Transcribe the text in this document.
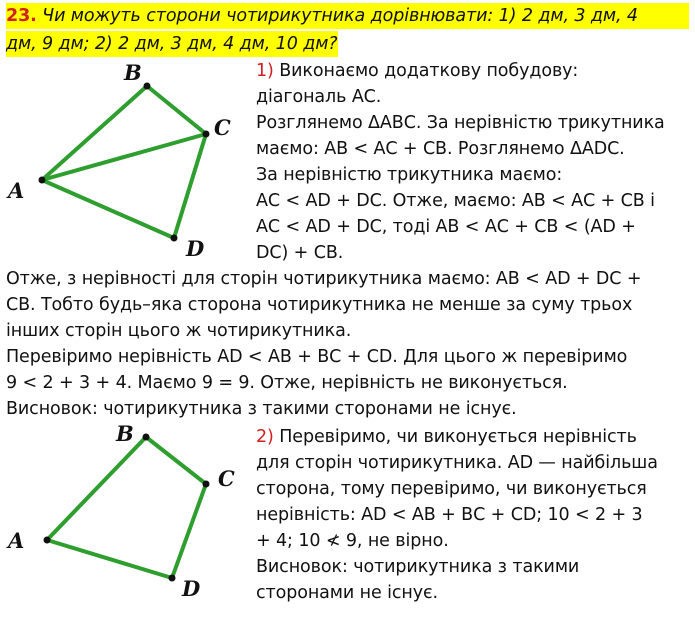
23. Чи можуть сторони чотирикутника дорівнювати: 1) 2 дм, 3 дм, 4
дм, 9 дм; 2) 2 дм, 3 дм, 4 дм, 10 дм?
A
B
C
D
1) Виконаємо додаткову побудову:
діагональ АС.
Розглянемо ΔАВС. За нерівністю трикутника
маємо: АВ < АС + СВ. Розглянемо ΔАDС.
За нерівністю трикутника маємо:
АС < АD + DС. Отже, маємо: АВ < АС + СВ і
АС < АD + DС, тоді АВ < АС + СВ < (АD +
DС) + СВ.
Отже, з нерівності для сторін чотирикутника маємо: АВ < АD + DС +
СВ. Тобто будь–яка сторона чотирикутника не менше за суму трьох
інших сторін цього ж чотирикутника.
Перевіримо нерівність АD < АВ + ВС + СD. Для цього ж перевіримо
9 < 2 + 3 + 4. Маємо 9 = 9. Отже, нерівність не виконується.
Висновок: чотирикутника з такими сторонами не існує.
A
B
C
D
2) Перевіримо, чи виконується нерівність
для сторін чотирикутника. АD — найбільша
сторона, тому перевіримо, чи виконується
нерівність: АD < АВ + ВС + СD; 10 < 2 + 3
+ 4; 10 ≮ 9, не вірно.
Висновок: чотирикутника з такими
сторонами не існує.
